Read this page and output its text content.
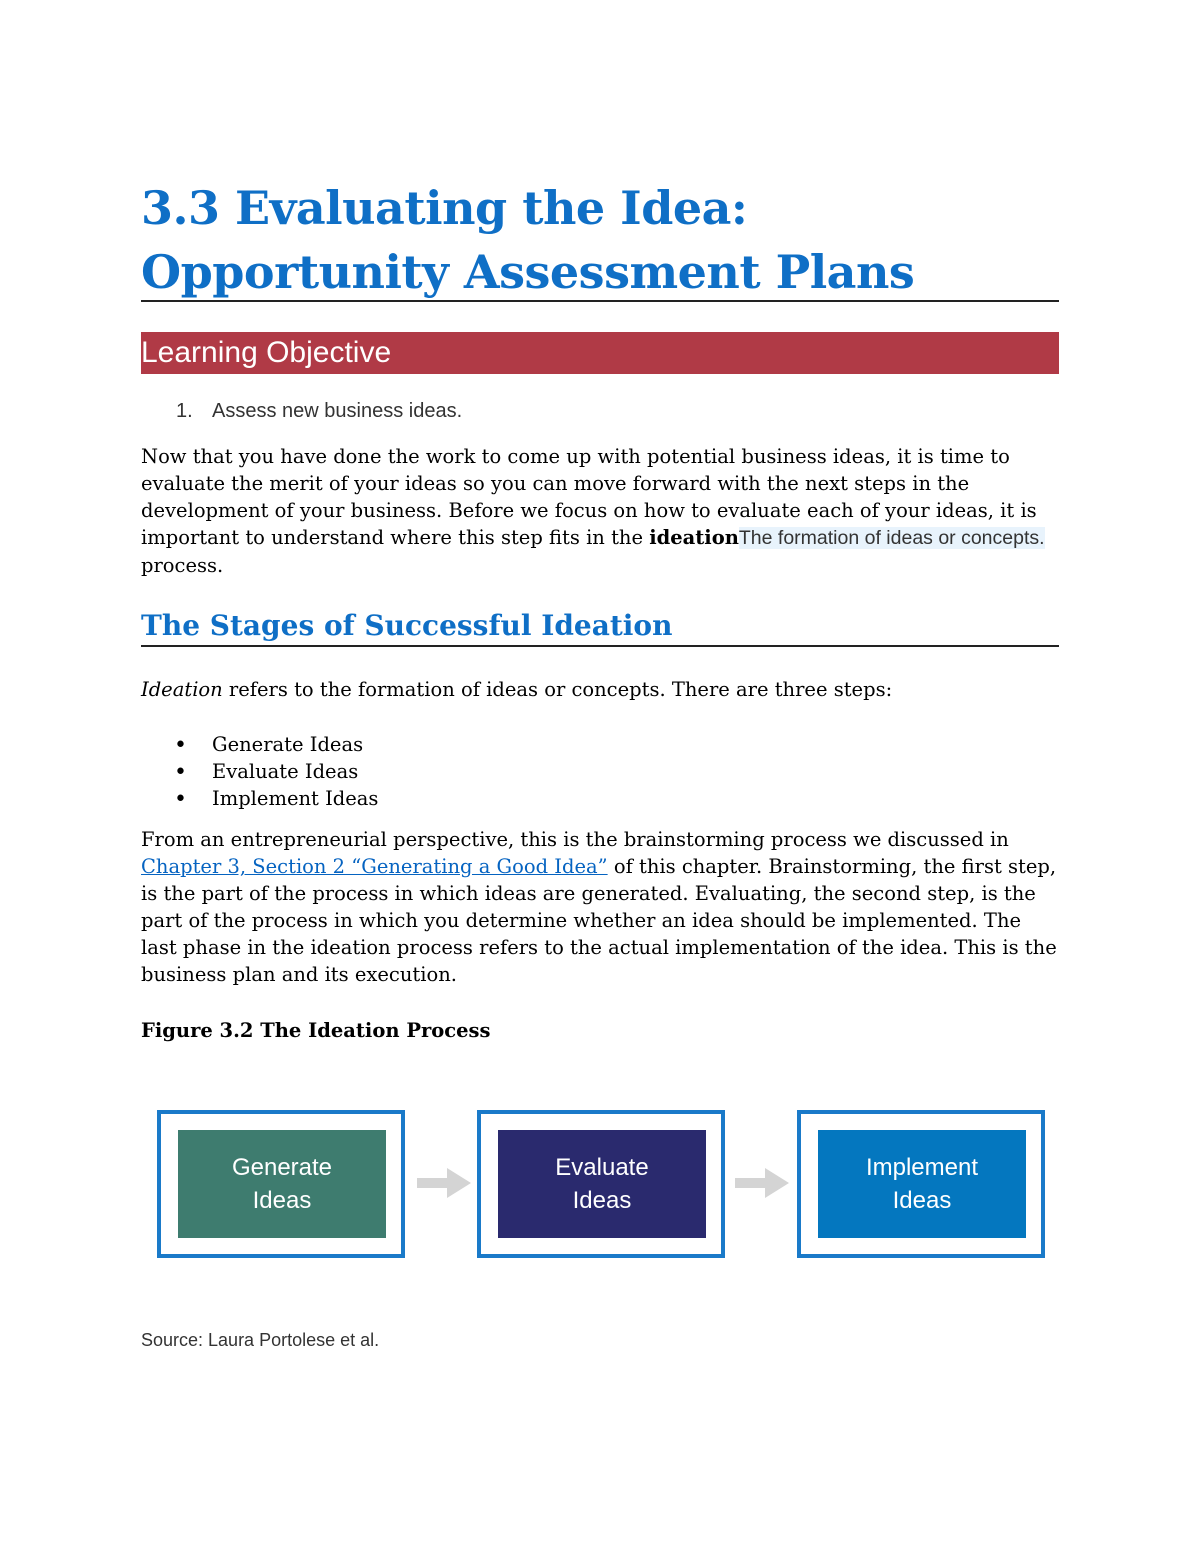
3.3 Evaluating the Idea:
Opportunity Assessment Plans
Learning Objective
1. Assess new business ideas.
Now that you have done the work to come up with potential business ideas, it is time to evaluate the merit of your ideas so you can move forward with the next steps in the development of your business. Before we focus on how to evaluate each of your ideas, it is important to understand where this step fits in the ideationThe formation of ideas or concepts. process.
The Stages of Successful Ideation
Ideation refers to the formation of ideas or concepts. There are three steps:
• Generate Ideas
• Evaluate Ideas
• Implement Ideas
From an entrepreneurial perspective, this is the brainstorming process we discussed in Chapter 3, Section 2 “Generating a Good Idea” of this chapter. Brainstorming, the first step, is the part of the process in which ideas are generated. Evaluating, the second step, is the part of the process in which you determine whether an idea should be implemented. The last phase in the ideation process refers to the actual implementation of the idea. This is the business plan and its execution.
Figure 3.2 The Ideation Process
Generate
Ideas
Evaluate
Ideas
Implement
Ideas
Source: Laura Portolese et al.
